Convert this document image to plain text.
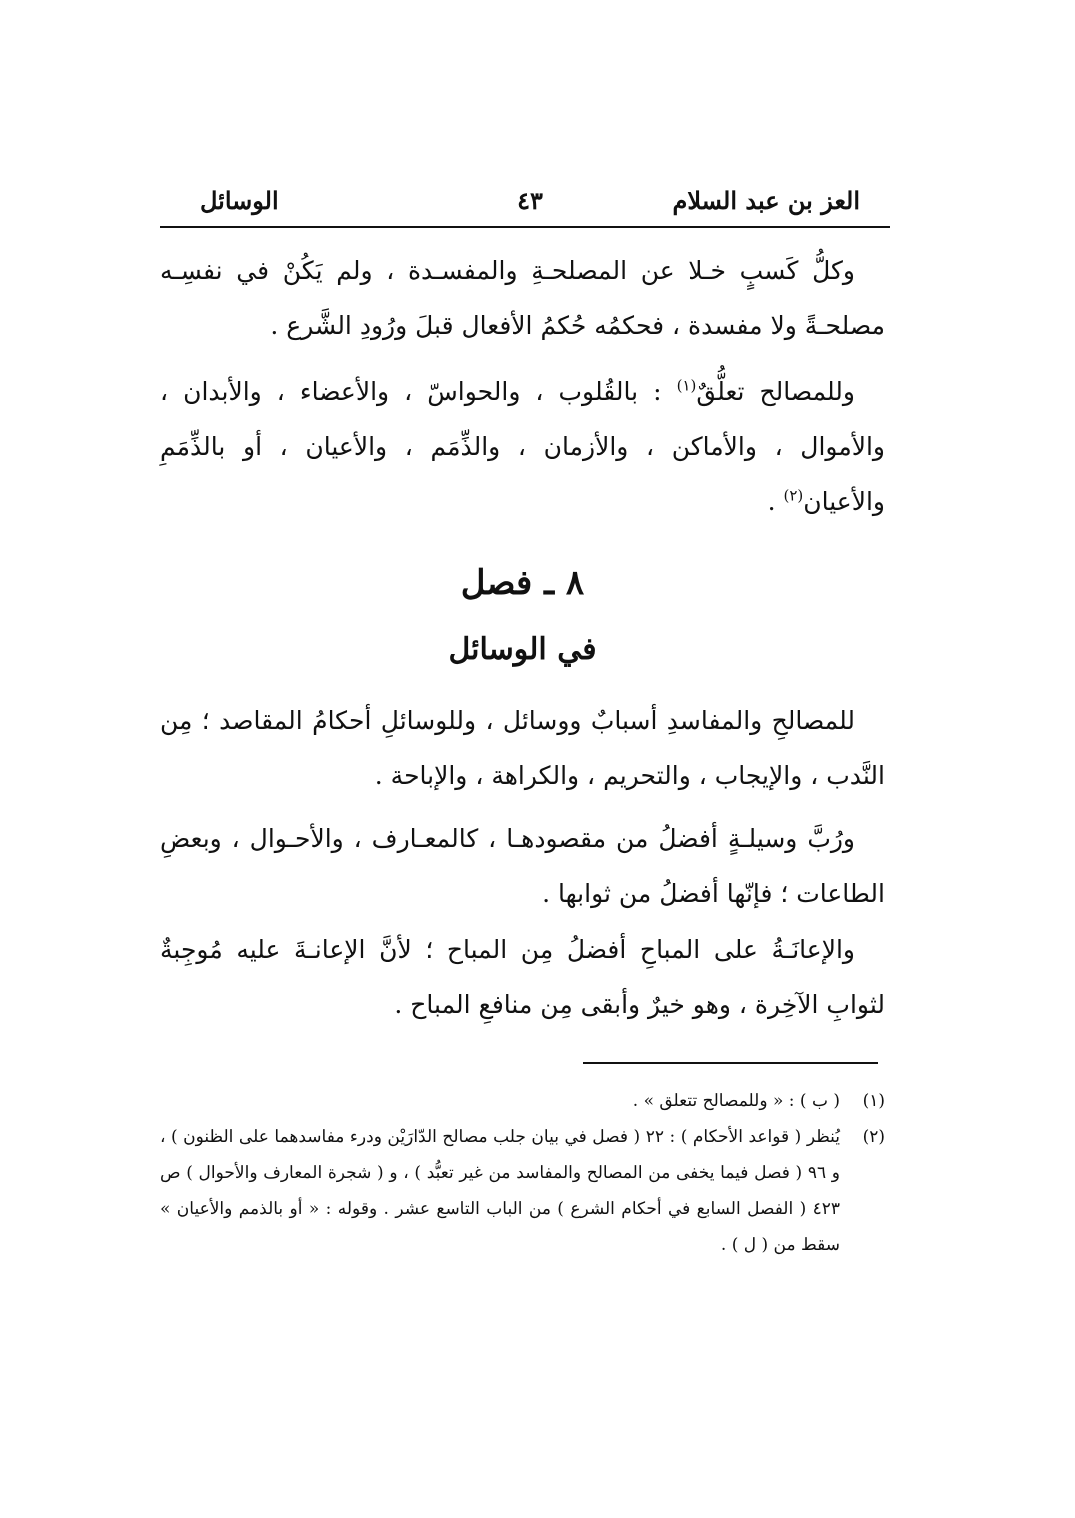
العز بن عبد السلام
٤٣
الوسائل

وكلُّ كَسبٍ خـلا عن المصلحـةِ والمفسـدة ، ولم يَكُنْ في نفسِـه مصلحـةً ولا مفسدة ، فحكمُه حُكمُ الأفعال قبلَ ورُودِ الشَّرع .

وللمصالح تعلُّقٌ$^{(١)}$ : بالقُلوب ، والحواسّ ، والأعضاء ، والأبدان ، والأموال ، والأماكن ، والأزمان ، والذِّمَم ، والأعيان ، أو بالذِّمَمِ والأعيان$^{(٢)}$ .

٨ ـ فصل
في الوسائل

للمصالحِ والمفاسدِ أسبابٌ ووسائل ، وللوسائلِ أحكامُ المقاصد ؛ مِن النَّدب ، والإيجاب ، والتحريم ، والكراهة ، والإباحة .

ورُبَّ وسيلـةٍ أفضلُ من مقصودهـا ، كالمعـارف ، والأحـوال ، وبعضِ الطاعات ؛ فإنّها أفضلُ من ثوابها .

والإعانَـةُ على المباحِ أفضلُ مِن المباح ؛ لأنَّ الإعانـةَ عليه مُوجِبةٌ لثوابِ الآخِرة ، وهو خيرٌ وأبقى مِن منافعِ المباح .

(١)
( ب ) : « وللمصالح تتعلق » .
(٢)
يُنظر ( قواعد الأحكام ) : ٢٢ ( فصل في بيان جلب مصالح الدّارَيْن ودرء مفاسدهما على الظنون ) ، و ٩٦ ( فصل فيما يخفى من المصالح والمفاسد من غير تعبُّد ) ، و ( شجرة المعارف والأحوال ) ص ٤٢٣ ( الفصل السابع في أحكام الشرع ) من الباب التاسع عشر . وقوله : « أو بالذمم والأعيان » سقط من ( ل ) .
